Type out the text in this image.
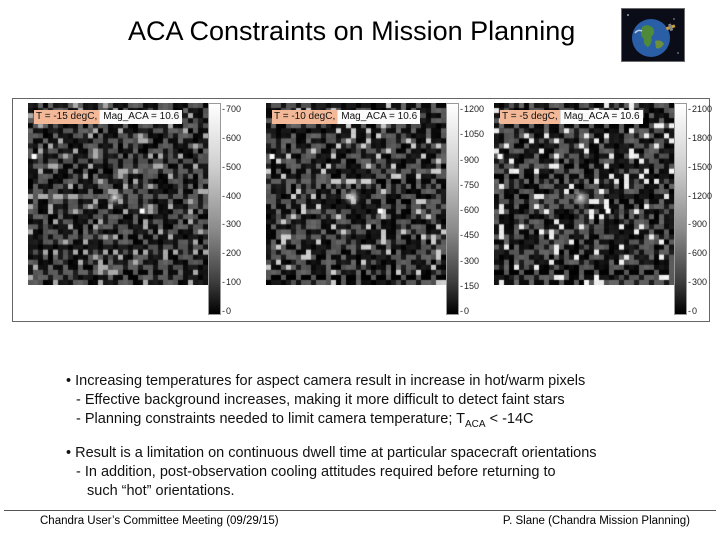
ACA Constraints on Mission Planning
T = -15 degC, Mag_ACA = 10.6
- 700
- 600
- 500
- 400
- 300
- 200
- 100
- 0
T = -10 degC, Mag_ACA = 10.6
- 1200
- 1050
- 900
- 750
- 600
- 450
- 300
- 150
- 0
T = -5 degC, Mag_ACA = 10.6
- 2100
- 1800
- 1500
- 1200
- 900
- 600
- 300
- 0

• Increasing temperatures for aspect camera result in increase in hot/warm pixels

- Effective background increases, making it more difficult to detect faint stars

- Planning constraints needed to limit camera temperature; $T_{ACA} < -14C$

• Result is a limitation on continuous dwell time at particular spacecraft orientations

- In addition, post-observation cooling attitudes required before returning to

such “hot” orientations.

Chandra User’s Committee Meeting (09/29/15)	P. Slane (Chandra Mission Planning)
